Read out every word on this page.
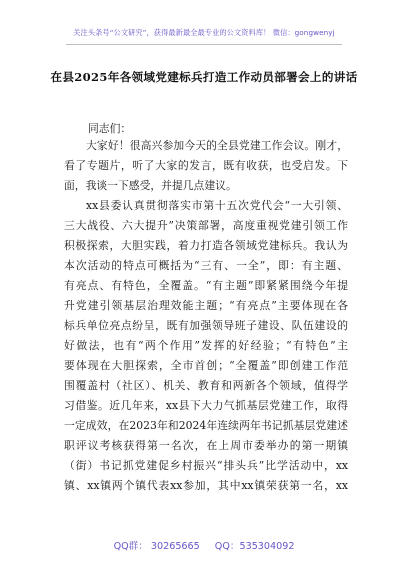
关注头条号“公文研究”，获得最新最全最专业的公文资料库！ 微信：gongwenyj
在县2025年各领域党建标兵打造工作动员部署会上的讲话
同志们：
大家好！很高兴参加今天的全县党建工作会议。刚才，
看了专题片，听了大家的发言，既有收获，也受启发。下
面，我谈一下感受，并提几点建议。
xx县委认真贯彻落实市第十五次党代会“一大引领、
三大战役、六大提升”决策部署，高度重视党建引领工作
积极探索，大胆实践，着力打造各领域党建标兵。我认为
本次活动的特点可概括为“三有、一全”，即：有主题、
有亮点、有特色，全覆盖。“有主题”即紧紧围绕今年提
升党建引领基层治理效能主题；“有亮点”主要体现在各
标兵单位亮点纷呈，既有加强领导班子建设、队伍建设的
好做法，也有“两个作用”发挥的好经验；“有特色”主
要体现在大胆探索，全市首创；“全覆盖”即创建工作范
围覆盖村（社区）、机关、教育和两新各个领域，值得学
习借鉴。近几年来，xx县下大力气抓基层党建工作，取得
一定成效，在2023年和2024年连续两年书记抓基层党建述
职评议考核获得第一名次，在上周市委举办的第一期镇
（街）书记抓党建促乡村振兴“排头兵”比学活动中，xx
镇、xx镇两个镇代表xx参加，其中xx镇荣获第一名，xx
QQ群： 30265665 QQ：535304092
